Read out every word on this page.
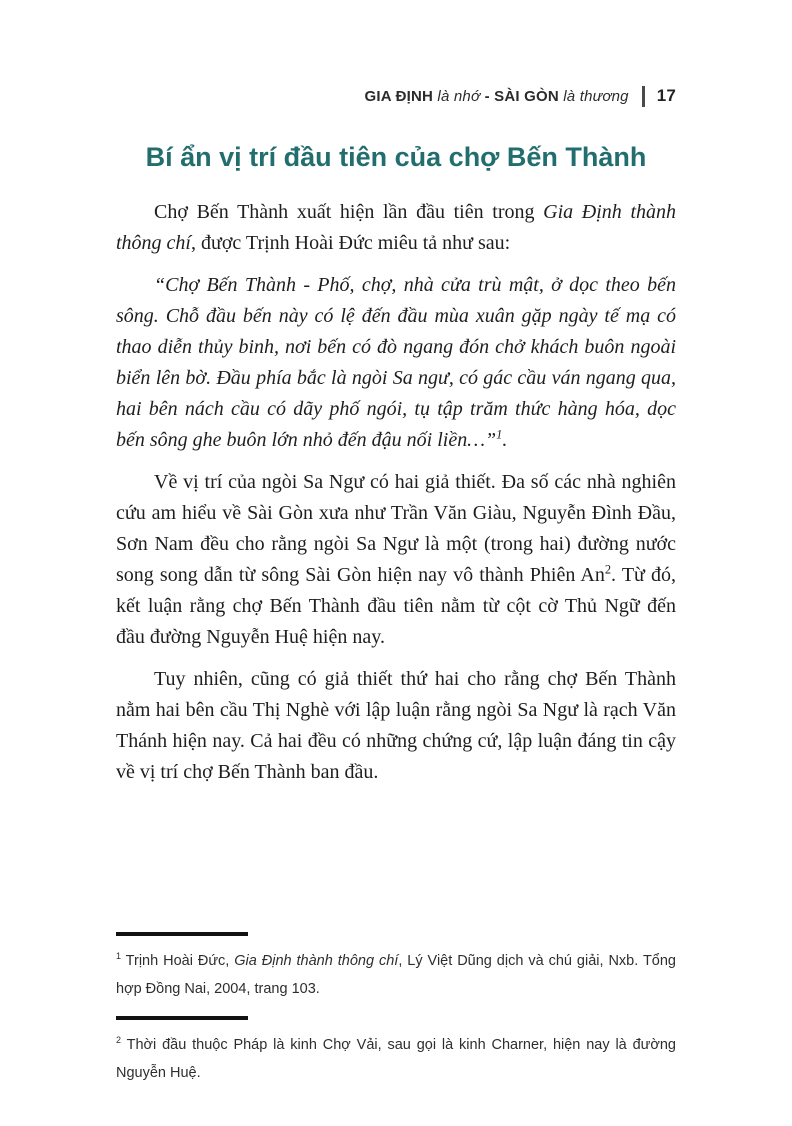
GIA ĐỊNH là nhớ - SÀI GÒN là thương 17
Bí ẩn vị trí đầu tiên của chợ Bến Thành

Chợ Bến Thành xuất hiện lần đầu tiên trong Gia Định thành thông chí, được Trịnh Hoài Đức miêu tả như sau:

“Chợ Bến Thành - Phố, chợ, nhà cửa trù mật, ở dọc theo bến sông. Chỗ đầu bến này có lệ đến đầu mùa xuân gặp ngày tế mạ có thao diễn thủy binh, nơi bến có đò ngang đón chở khách buôn ngoài biển lên bờ. Đầu phía bắc là ngòi Sa ngư, có gác cầu ván ngang qua, hai bên nách cầu có dãy phố ngói, tụ tập trăm thức hàng hóa, dọc bến sông ghe buôn lớn nhỏ đến đậu nối liền…”$^1$.

Về vị trí của ngòi Sa Ngư có hai giả thiết. Đa số các nhà nghiên cứu am hiểu về Sài Gòn xưa như Trần Văn Giàu, Nguyễn Đình Đầu, Sơn Nam đều cho rằng ngòi Sa Ngư là một (trong hai) đường nước song song dẫn từ sông Sài Gòn hiện nay vô thành Phiên An$^2$. Từ đó, kết luận rằng chợ Bến Thành đầu tiên nằm từ cột cờ Thủ Ngữ đến đầu đường Nguyễn Huệ hiện nay.

Tuy nhiên, cũng có giả thiết thứ hai cho rằng chợ Bến Thành nằm hai bên cầu Thị Nghè với lập luận rằng ngòi Sa Ngư là rạch Văn Thánh hiện nay. Cả hai đều có những chứng cứ, lập luận đáng tin cậy về vị trí chợ Bến Thành ban đầu.

$^1$ Trịnh Hoài Đức, Gia Định thành thông chí, Lý Việt Dũng dịch và chú giải, Nxb. Tổng hợp Đồng Nai, 2004, trang 103.

$^2$ Thời đầu thuộc Pháp là kinh Chợ Vải, sau gọi là kinh Charner, hiện nay là đường Nguyễn Huệ.
